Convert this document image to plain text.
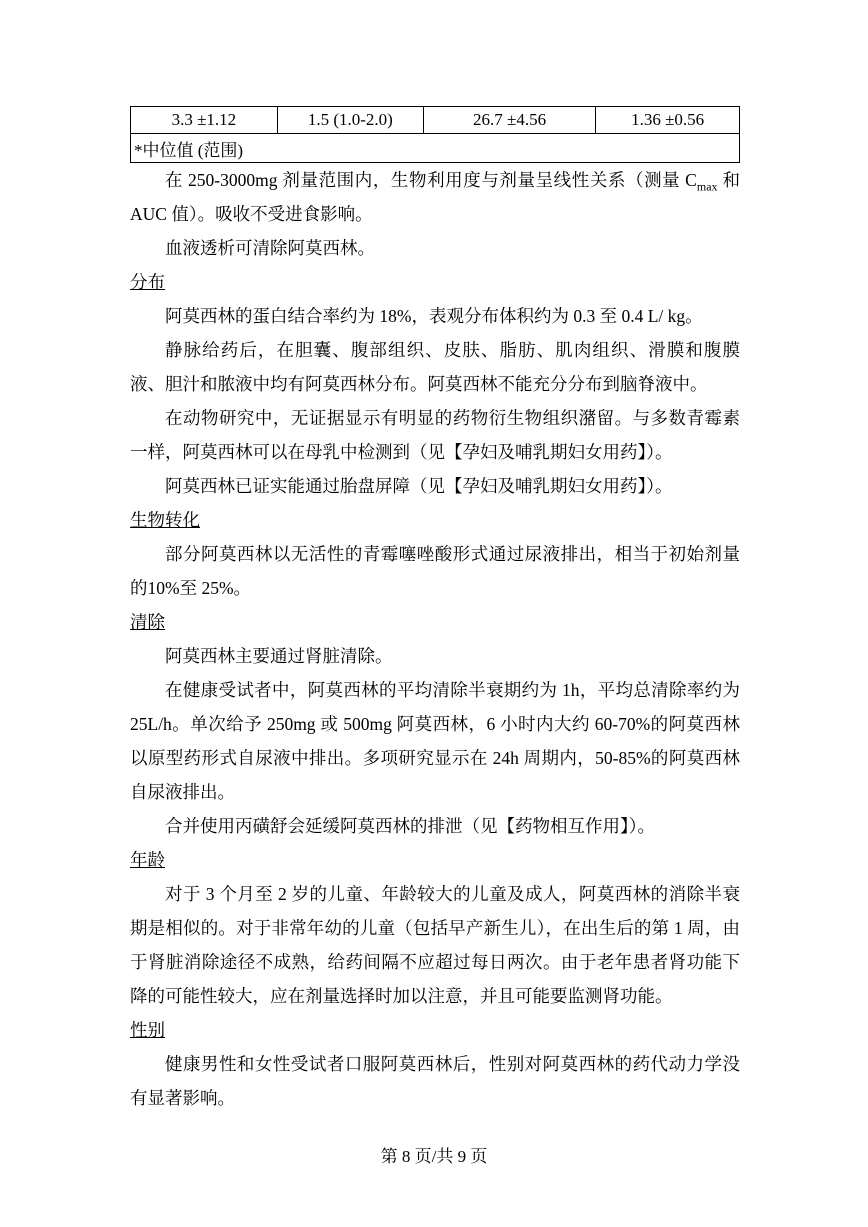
3.3 ±1.12	1.5 (1.0-2.0)	26.7 ±4.56	1.36 ±0.56
*中位值 (范围)

在 250-3000mg 剂量范围内，生物利用度与剂量呈线性关系（测量 $C_{max}$ 和 AUC 值）。吸收不受进食影响。

血液透析可清除阿莫西林。

分布

阿莫西林的蛋白结合率约为 18%，表观分布体积约为 0.3 至 0.4 L/ kg。

静脉给药后，在胆囊、腹部组织、皮肤、脂肪、肌肉组织、滑膜和腹膜液、胆汁和脓液中均有阿莫西林分布。阿莫西林不能充分分布到脑脊液中。

在动物研究中，无证据显示有明显的药物衍生物组织潴留。与多数青霉素一样，阿莫西林可以在母乳中检测到（见【孕妇及哺乳期妇女用药】）。

阿莫西林已证实能通过胎盘屏障（见【孕妇及哺乳期妇女用药】）。

生物转化

部分阿莫西林以无活性的青霉噻唑酸形式通过尿液排出，相当于初始剂量的10%至 25%。

清除

阿莫西林主要通过肾脏清除。

在健康受试者中，阿莫西林的平均清除半衰期约为 1h，平均总清除率约为25L/h。单次给予 250mg 或 500mg 阿莫西林，6 小时内大约 60-70%的阿莫西林以原型药形式自尿液中排出。多项研究显示在 24h 周期内，50-85%的阿莫西林自尿液排出。

合并使用丙磺舒会延缓阿莫西林的排泄（见【药物相互作用】）。

年龄

对于 3 个月至 2 岁的儿童、年龄较大的儿童及成人，阿莫西林的消除半衰期是相似的。对于非常年幼的儿童（包括早产新生儿），在出生后的第 1 周，由于肾脏消除途径不成熟，给药间隔不应超过每日两次。由于老年患者肾功能下降的可能性较大，应在剂量选择时加以注意，并且可能要监测肾功能。

性别

健康男性和女性受试者口服阿莫西林后，性别对阿莫西林的药代动力学没有显著影响。

第 8 页/共 9 页
